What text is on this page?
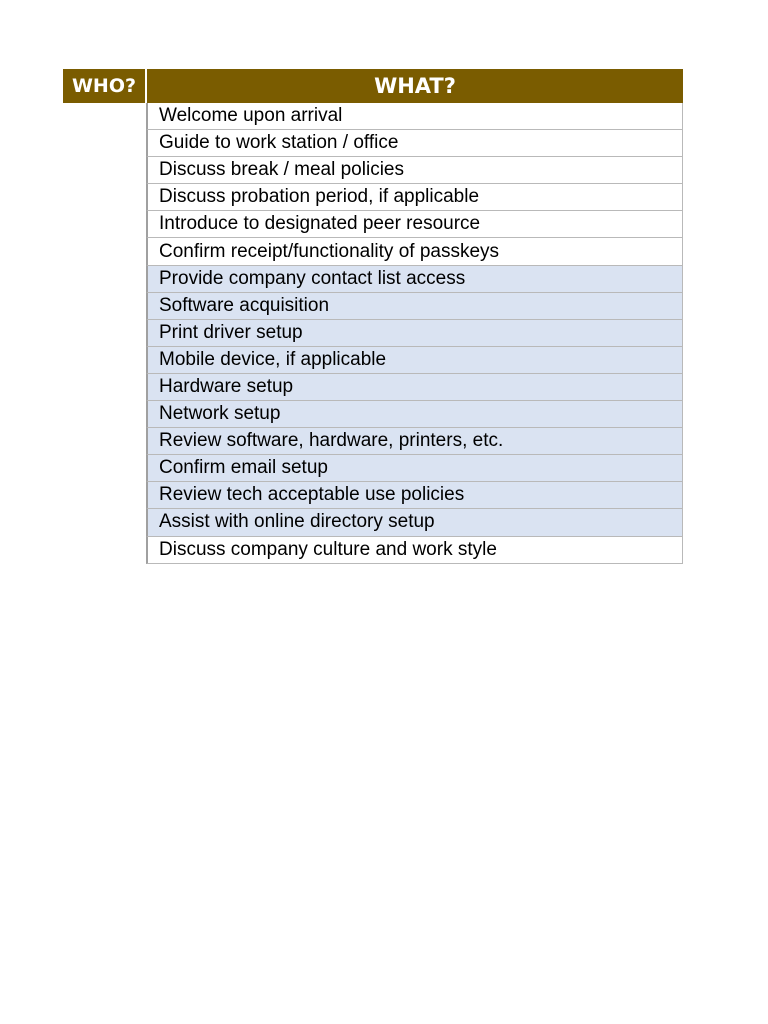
WHO?	WHAT?
Welcome upon arrival
Guide to work station / office
Discuss break / meal policies
Discuss probation period, if applicable
Introduce to designated peer resource
Confirm receipt/functionality of passkeys
Provide company contact list access
Software acquisition
Print driver setup
Mobile device, if applicable
Hardware setup
Network setup
Review software, hardware, printers, etc.
Confirm email setup
Review tech acceptable use policies
Assist with online directory setup
Discuss company culture and work style
